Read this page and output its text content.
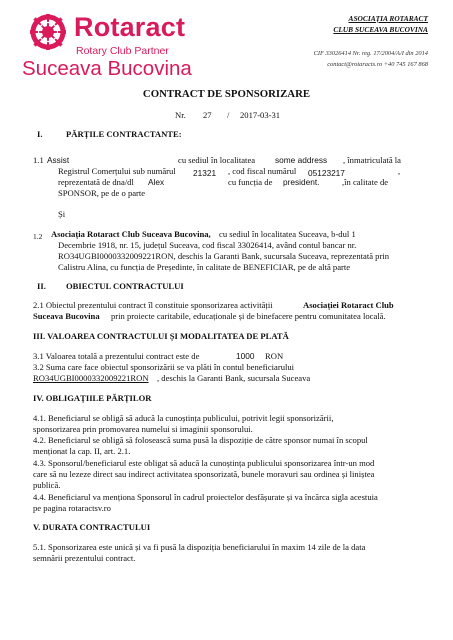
Rotaract
Rotary Club Partner
Suceava Bucovina
ASOCIAȚIA ROTARACT
CLUB SUCEAVA BUCOVINA
CIF 33026414 Nr. reg. 17/2004/A/I din 2014
contact@rotaracts.ro +40 745 167 868
CONTRACT DE SPONSORIZARE
Nr. 27 / 2017-03-31
I.	PĂRȚILE CONTRACTANTE:
1.1 Assist	cu sediul în localitatea some address , înmatriculată la
Registrul Comerțului sub numărul 21321 , cod fiscal numărul 05123217	,
reprezentată de dna/dl Alex	cu funcția de president.	,în calitate de
SPONSOR, pe de o parte
Și
1.2 Asociația Rotaract Club Suceava Bucovina, cu sediul în localitatea Suceava, b-dul 1
Decembrie 1918, nr. 15, județul Suceava, cod fiscal 33026414, având contul bancar nr.
RO34UGBI0000332009221RON, deschis la Garanti Bank, sucursala Suceava, reprezentată prin
Calistru Alina, cu funcția de Președinte, în calitate de BENEFICIAR, pe de altă parte
II. OBIECTUL CONTRACTULUI
2.1 Obiectul prezentului contract îl constituie sponsorizarea activității	Asociației Rotaract Club
Suceava Bucovina prin proiecte caritabile, educaționale și de binefacere pentru comunitatea locală.
III. VALOAREA CONTRACTULUI ȘI MODALITATEA DE PLATĂ
3.1 Valoarea totală a prezentului contract este de	1000 RON
3.2 Suma care face obiectul sponsorizării se va plăti în contul beneficiarului
RO34UGBI0000332009221RON , deschis la Garanti Bank, sucursala Suceava
IV. OBLIGAȚIILE PĂRȚILOR
4.1. Beneficiarul se obligă să aducă la cunoștința publicului, potrivit legii sponsorizării,
sponsorizarea prin promovarea numelui si imaginii sponsorului.
4.2. Beneficiarul se obligă să folosească suma pusă la dispoziție de către sponsor numai în scopul
menționat la cap. II, art. 2.1.
4.3. Sponsorul/beneficiarul este obligat să aducă la cunoștința publicului sponsorizarea într-un mod
care să nu lezeze direct sau indirect activitatea sponsorizată, bunele moravuri sau ordinea și liniștea
publică.
4.4. Beneficiarul va menționa Sponsorul în cadrul proiectelor desfășurate și va încărca sigla acestuia
pe pagina rotaractsv.ro
V. DURATA CONTRACTULUI
5.1. Sponsorizarea este unică și va fi pusă la dispoziția beneficiarului în maxim 14 zile de la data
semnării prezentului contract.
